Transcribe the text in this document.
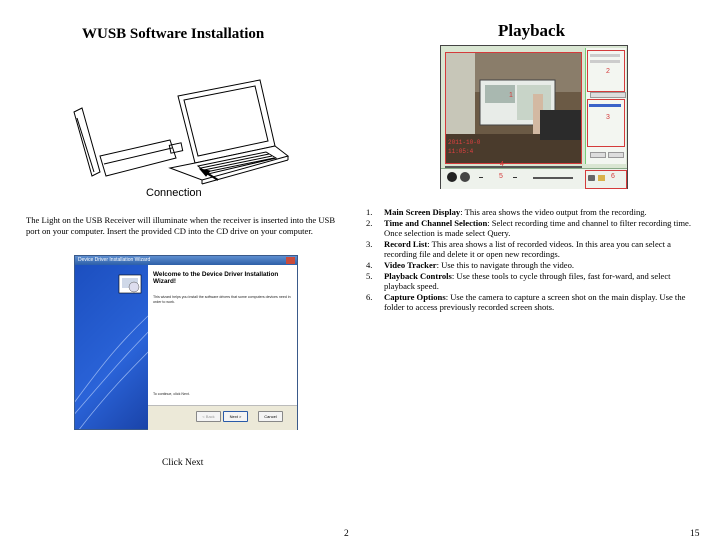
WUSB Software Installation
Connection
The Light on the USB Receiver will illuminate when the receiver is inserted into the USB port on your computer. Insert the provided CD into the CD drive on your computer.
Device Driver Installation Wizard
Welcome to the Device Driver Installation Wizard!
This wizard helps you install the software drivers that some computers devices need in order to work.
To continue, click Next.
< Back	Next >	Cancel
Click Next
2
Playback
2011-10-0
11:05:4
1
2
3
4
5	6
1. Main Screen Display: This area shows the video output from the recording.
2. Time and Channel Selection: Select recording time and channel to filter recording time. Once selection is made select Query.
3. Record List: This area shows a list of recorded videos. In this area you can select a recording file and delete it or open new recordings.
4. Video Tracker: Use this to navigate through the video.
5. Playback Controls: Use these tools to cycle through files, fast for-ward, and select playback speed.
6. Capture Options: Use the camera to capture a screen shot on the main display. Use the folder to access previously recorded screen shots.
15
